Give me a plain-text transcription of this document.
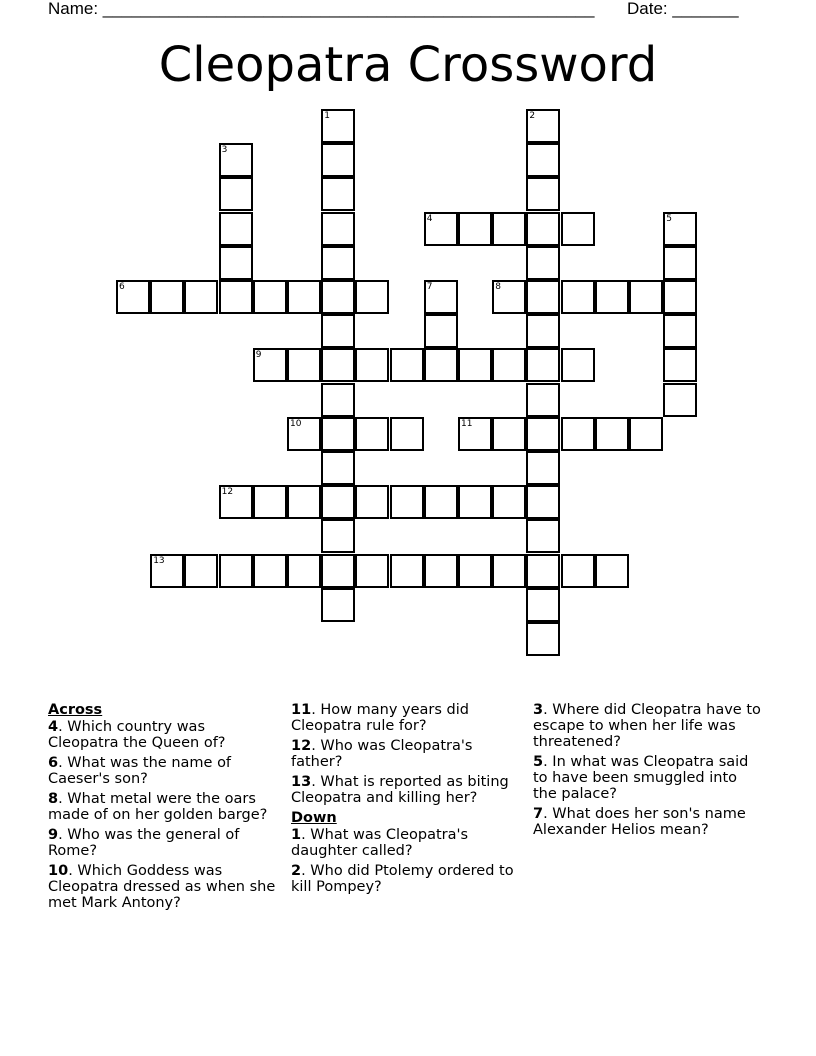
Name: ____________________________________________________ Date: _______
Cleopatra Crossword
1	2
3
4	5
6	7	8
9
10	11
12
13
Across
4. Which country was Cleopatra the Queen of?
6. What was the name of Caeser's son?
8. What metal were the oars made of on her golden barge?
9. Who was the general of Rome?
10. Which Goddess was Cleopatra dressed as when she met Mark Antony?
11. How many years did Cleopatra rule for?
12. Who was Cleopatra's father?
13. What is reported as biting Cleopatra and killing her?
Down
1. What was Cleopatra's daughter called?
2. Who did Ptolemy ordered to kill Pompey?
3. Where did Cleopatra have to escape to when her life was threatened?
5. In what was Cleopatra said to have been smuggled into the palace?
7. What does her son's name Alexander Helios mean?
